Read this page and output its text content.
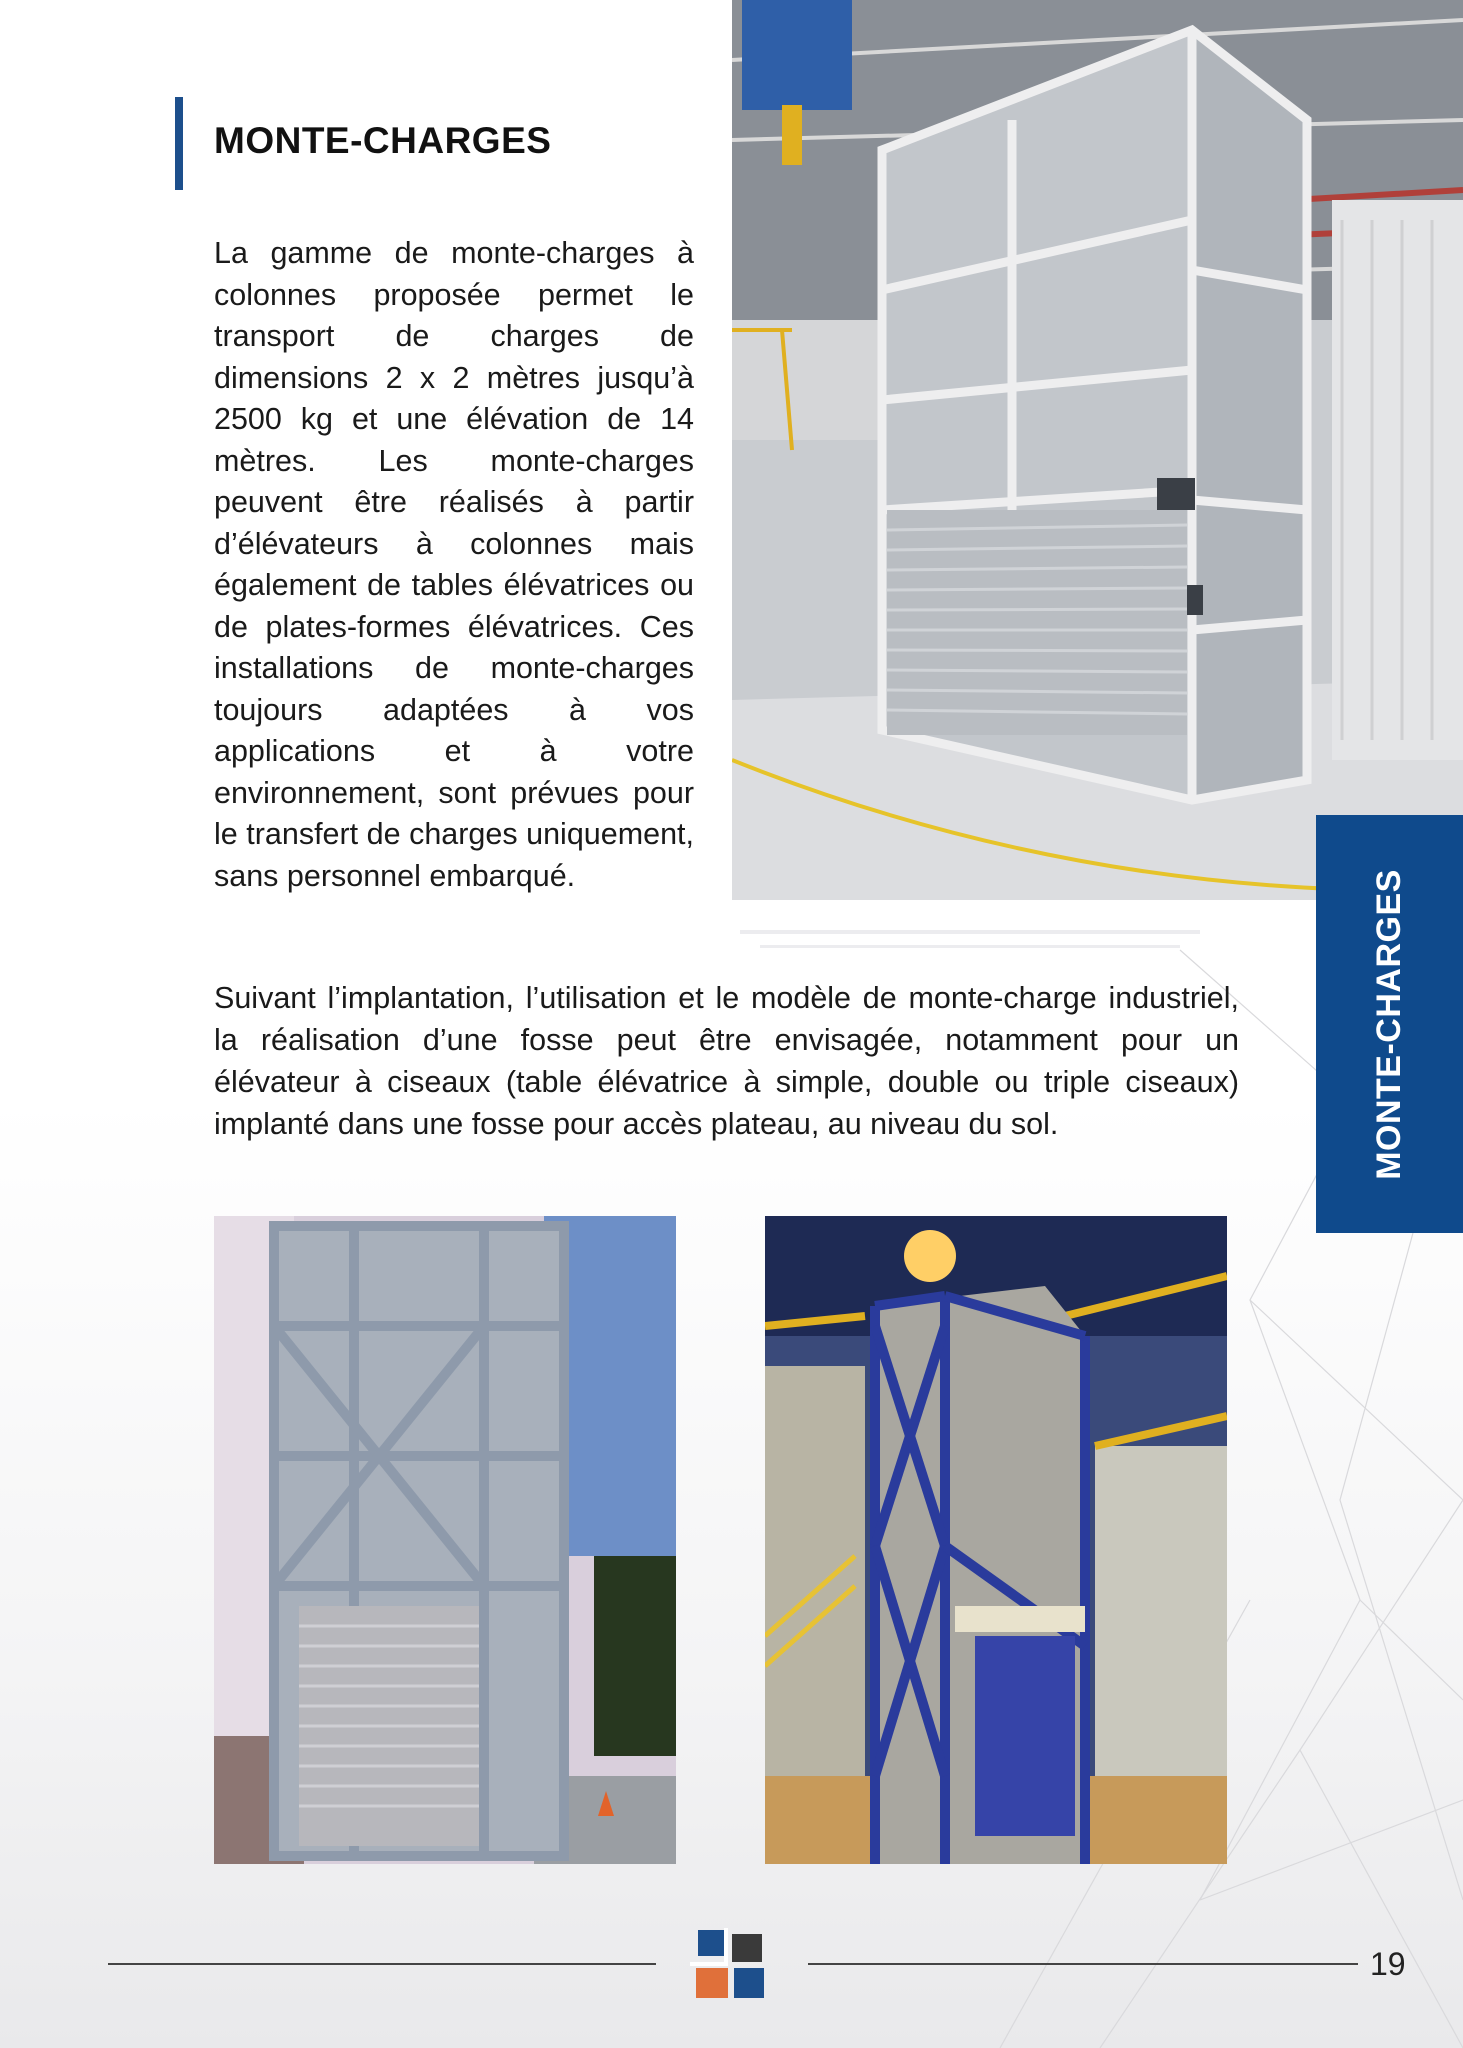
MONTE-CHARGES
La gamme de monte-charges à colonnes proposée permet le transport de charges de dimensions 2 x 2 mètres jusqu’à 2500 kg et une élévation de 14 mètres. Les monte-charges peuvent être réalisés à partir d’élévateurs à colonnes mais également de tables élévatrices ou de plates-formes élévatrices. Ces installations de monte-charges toujours adaptées à vos applications et à votre environnement, sont prévues pour le transfert de charges uniquement, sans personnel embarqué.	MONTE-CHARGES
Suivant l’implantation, l’utilisation et le modèle de monte-charge industriel, la réalisation d’une fosse peut être envisagée, notamment pour un élévateur à ciseaux (table élévatrice à simple, double ou triple ciseaux) implanté dans une fosse pour accès plateau, au niveau du sol.
19
